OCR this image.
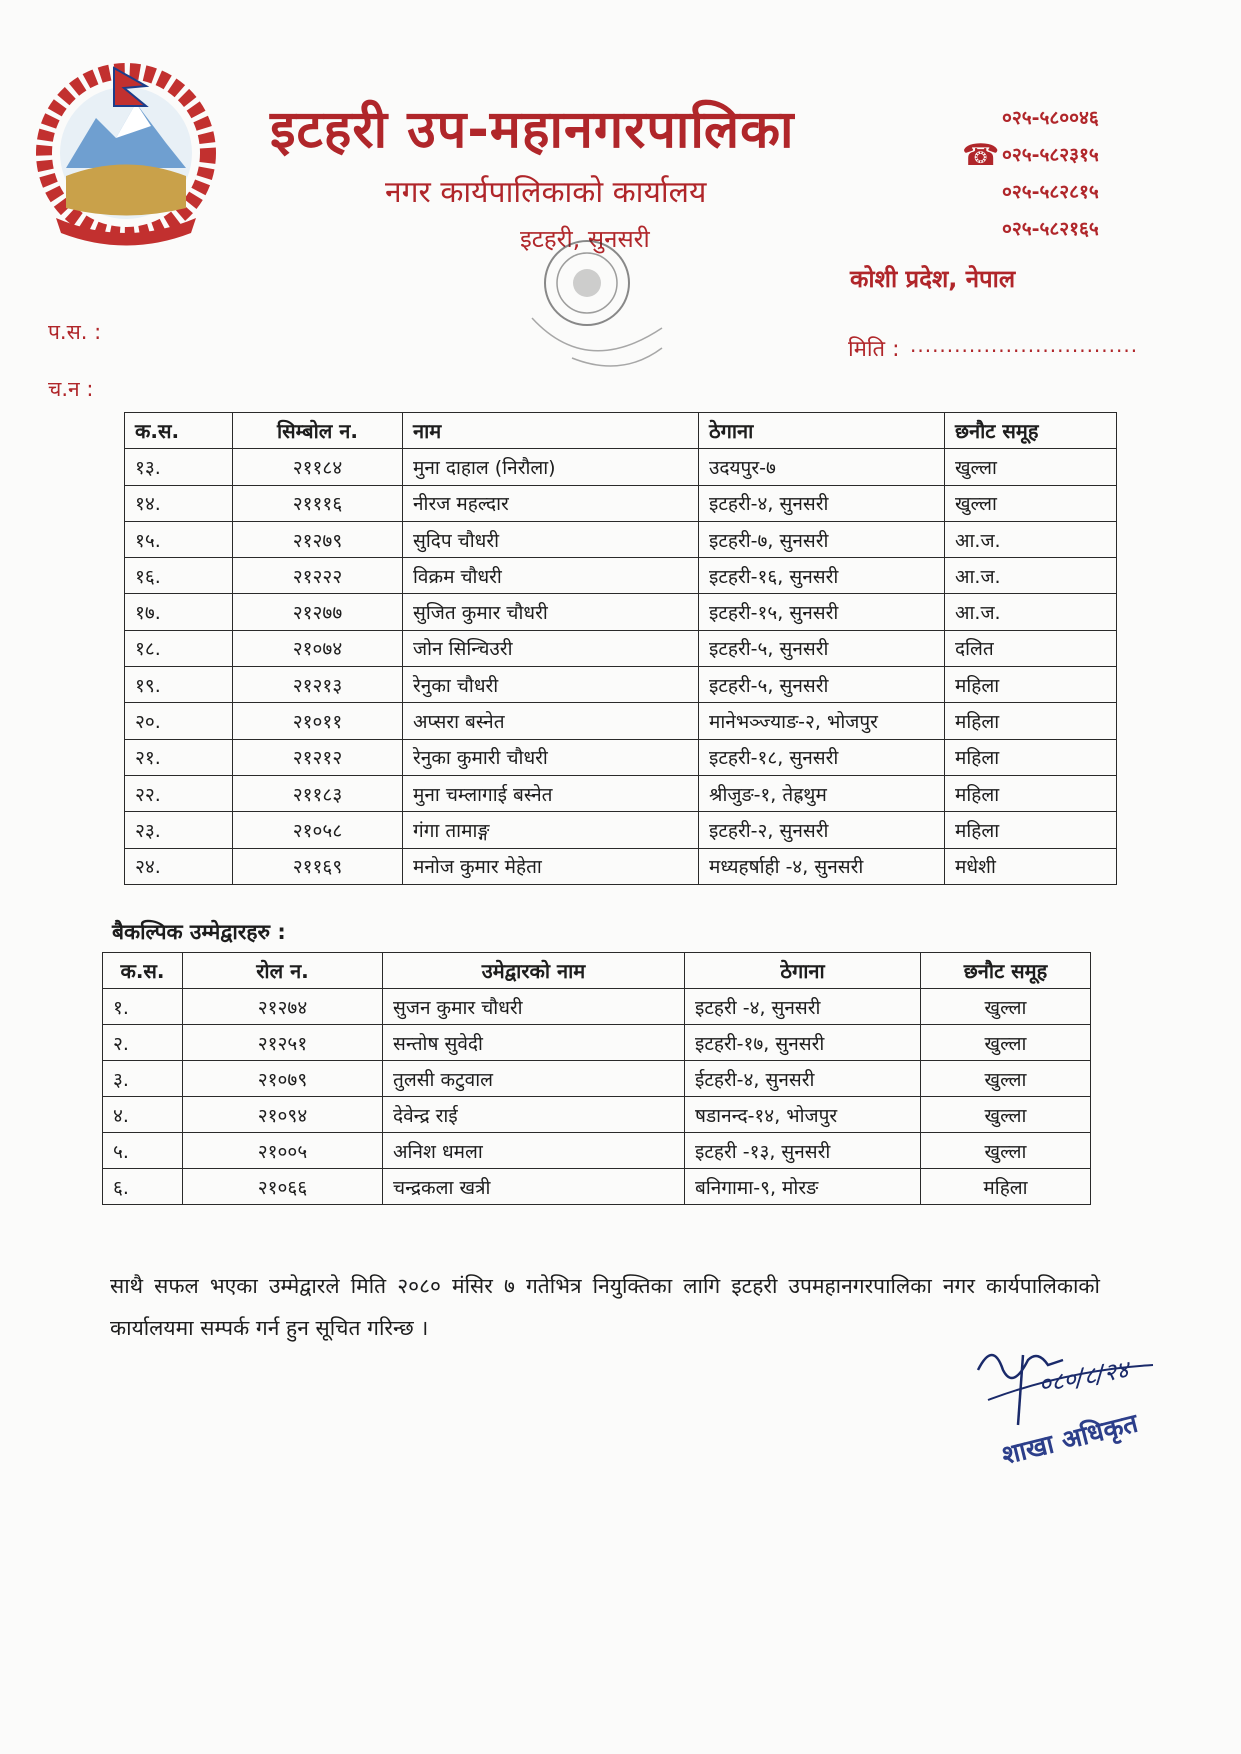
इटहरी उप-महानगरपालिका
नगर कार्यपालिकाको कार्यालय
इटहरी, सुनसरी
☎
०२५-५८००४६
०२५-५८२३१५
०२५-५८२८१५
०२५-५८२१६५
कोशी प्रदेश, नेपाल
प.स. :
च.न :
मिति : ...............................
क.स.	सिम्बोल न.	नाम	ठेगाना	छनौट समूह
१३.	२११८४	मुना दाहाल (निरौला)	उदयपुर-७	खुल्ला
१४.	२१११६	नीरज महल्दार	इटहरी-४, सुनसरी	खुल्ला
१५.	२१२७९	सुदिप चौधरी	इटहरी-७, सुनसरी	आ.ज.
१६.	२१२२२	विक्रम चौधरी	इटहरी-१६, सुनसरी	आ.ज.
१७.	२१२७७	सुजित कुमार चौधरी	इटहरी-१५, सुनसरी	आ.ज.
१८.	२१०७४	जोन सिन्चिउरी	इटहरी-५, सुनसरी	दलित
१९.	२१२१३	रेनुका चौधरी	इटहरी-५, सुनसरी	महिला
२०.	२१०११	अप्सरा बस्नेत	मानेभञ्ज्याङ-२, भोजपुर	महिला
२१.	२१२१२	रेनुका कुमारी चौधरी	इटहरी-१८, सुनसरी	महिला
२२.	२११८३	मुना चम्लागाई बस्नेत	श्रीजुङ-१, तेह्रथुम	महिला
२३.	२१०५८	गंगा तामाङ्ग	इटहरी-२, सुनसरी	महिला
२४.	२११६९	मनोज कुमार मेहेता	मध्यहर्षाही -४, सुनसरी	मधेशी
बैकल्पिक उम्मेद्वारहरु :
क.स.	रोल न.	उमेद्वारको नाम	ठेगाना	छनौट समूह
१.	२१२७४	सुजन कुमार चौधरी	इटहरी -४, सुनसरी	खुल्ला
२.	२१२५१	सन्तोष सुवेदी	इटहरी-१७, सुनसरी	खुल्ला
३.	२१०७९	तुलसी कटुवाल	ईटहरी-४, सुनसरी	खुल्ला
४.	२१०९४	देवेन्द्र राई	षडानन्द-१४, भोजपुर	खुल्ला
५.	२१००५	अनिश धमला	इटहरी -१३, सुनसरी	खुल्ला
६.	२१०६६	चन्द्रकला खत्री	बनिगामा-९, मोरङ	महिला
साथै सफल भएका उम्मेद्वारले मिति २०८० मंसिर ७ गतेभित्र नियुक्तिका लागि इटहरी उपमहानगरपालिका नगर कार्यपालिकाको कार्यालयमा सम्पर्क गर्न हुन सूचित गरिन्छ ।
०८०/८/२४
शाखा अधिकृत
